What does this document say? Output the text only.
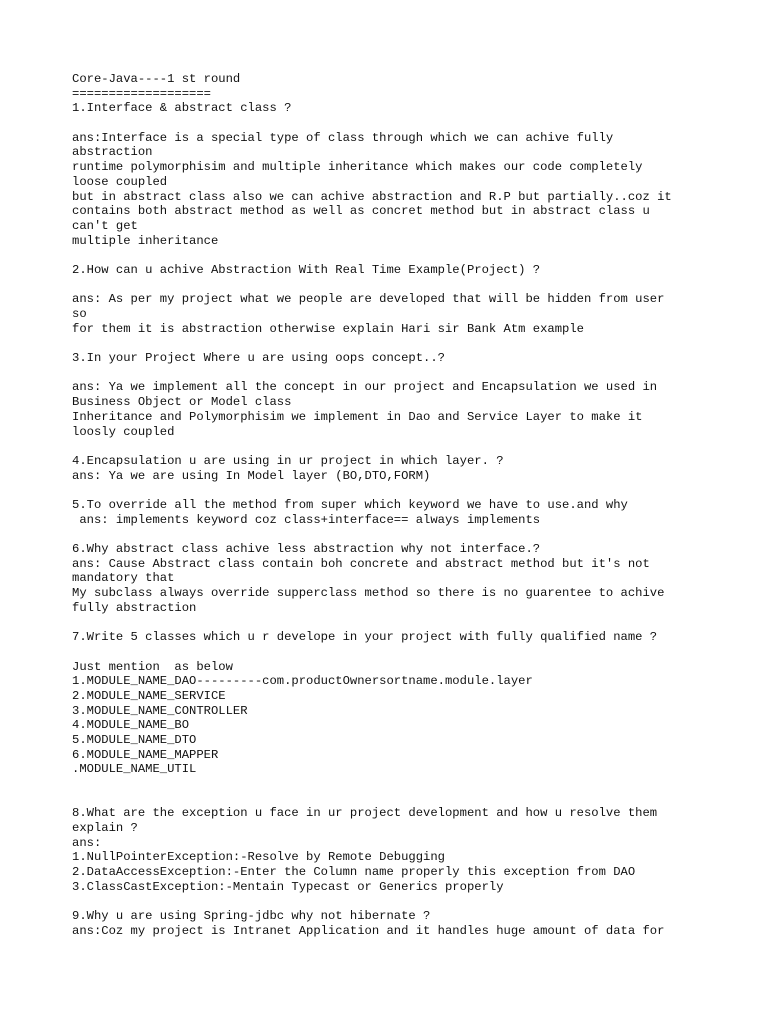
Core-Java----1 st round
===================
1.Interface & abstract class ?
ans:Interface is a special type of class through which we can achive fully
abstraction
runtime polymorphisim and multiple inheritance which makes our code completely
loose coupled
but in abstract class also we can achive abstraction and R.P but partially..coz it
contains both abstract method as well as concret method but in abstract class u
can't get
multiple inheritance
2.How can u achive Abstraction With Real Time Example(Project) ?
ans: As per my project what we people are developed that will be hidden from user
so
for them it is abstraction otherwise explain Hari sir Bank Atm example
3.In your Project Where u are using oops concept..?
ans: Ya we implement all the concept in our project and Encapsulation we used in
Business Object or Model class
Inheritance and Polymorphisim we implement in Dao and Service Layer to make it
loosly coupled
4.Encapsulation u are using in ur project in which layer. ?
ans: Ya we are using In Model layer (BO,DTO,FORM)
5.To override all the method from super which keyword we have to use.and why
ans: implements keyword coz class+interface== always implements
6.Why abstract class achive less abstraction why not interface.?
ans: Cause Abstract class contain boh concrete and abstract method but it's not
mandatory that
My subclass always override supperclass method so there is no guarentee to achive
fully abstraction
7.Write 5 classes which u r develope in your project with fully qualified name ?
Just mention  as below
1.MODULE_NAME_DAO---------com.productOwnersortname.module.layer
2.MODULE_NAME_SERVICE
3.MODULE_NAME_CONTROLLER
4.MODULE_NAME_BO
5.MODULE_NAME_DTO
6.MODULE_NAME_MAPPER
.MODULE_NAME_UTIL
8.What are the exception u face in ur project development and how u resolve them
explain ?
ans:
1.NullPointerException:-Resolve by Remote Debugging
2.DataAccessException:-Enter the Column name properly this exception from DAO
3.ClassCastException:-Mentain Typecast or Generics properly
9.Why u are using Spring-jdbc why not hibernate ?
ans:Coz my project is Intranet Application and it handles huge amount of data for
